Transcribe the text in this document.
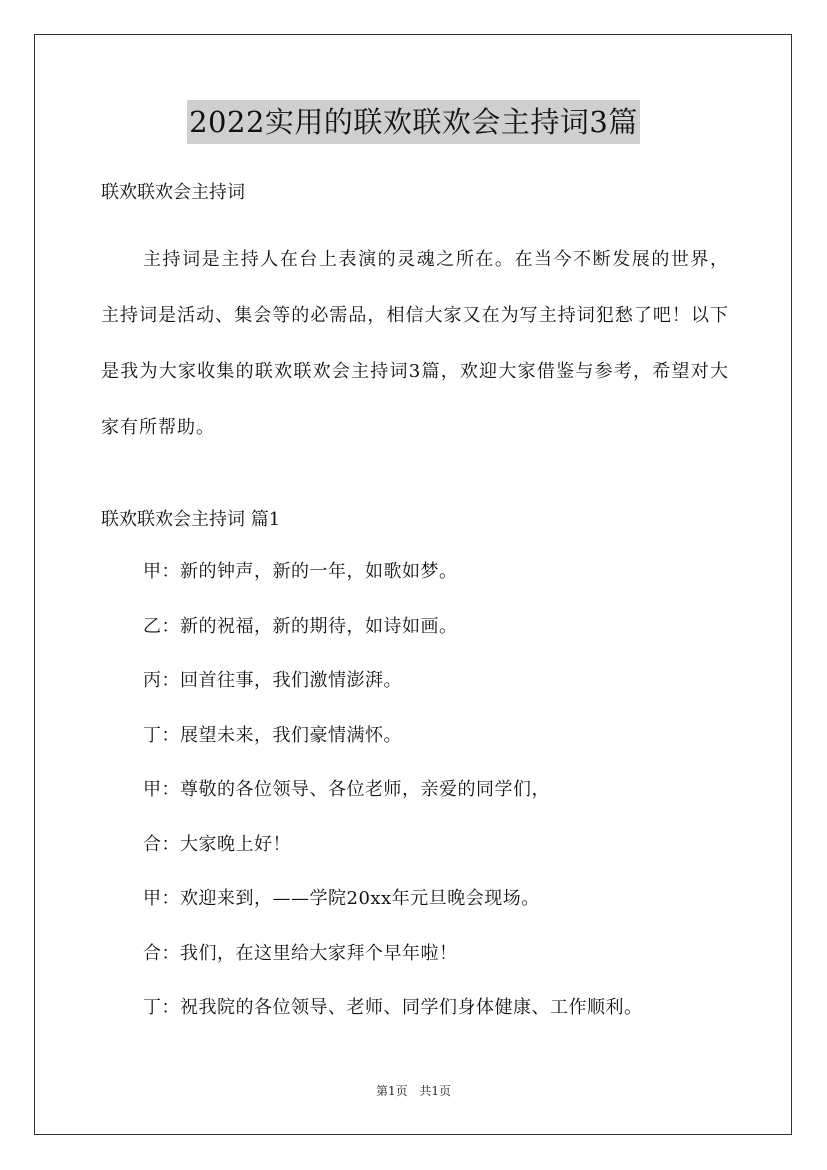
2022实用的联欢联欢会主持词3篇
联欢联欢会主持词

主持词是主持人在台上表演的灵魂之所在。在当今不断发展的世界，主持词是活动、集会等的必需品，相信大家又在为写主持词犯愁了吧！以下是我为大家收集的联欢联欢会主持词3篇，欢迎大家借鉴与参考，希望对大家有所帮助。

联欢联欢会主持词 篇1
甲：新的钟声，新的一年，如歌如梦。
乙：新的祝福，新的期待，如诗如画。
丙：回首往事，我们激情澎湃。
丁：展望未来，我们豪情满怀。
甲：尊敬的各位领导、各位老师，亲爱的同学们，
合：大家晚上好！
甲：欢迎来到，——学院20xx年元旦晚会现场。
合：我们，在这里给大家拜个早年啦！
丁：祝我院的各位领导、老师、同学们身体健康、工作顺利。
第1页 共1页
